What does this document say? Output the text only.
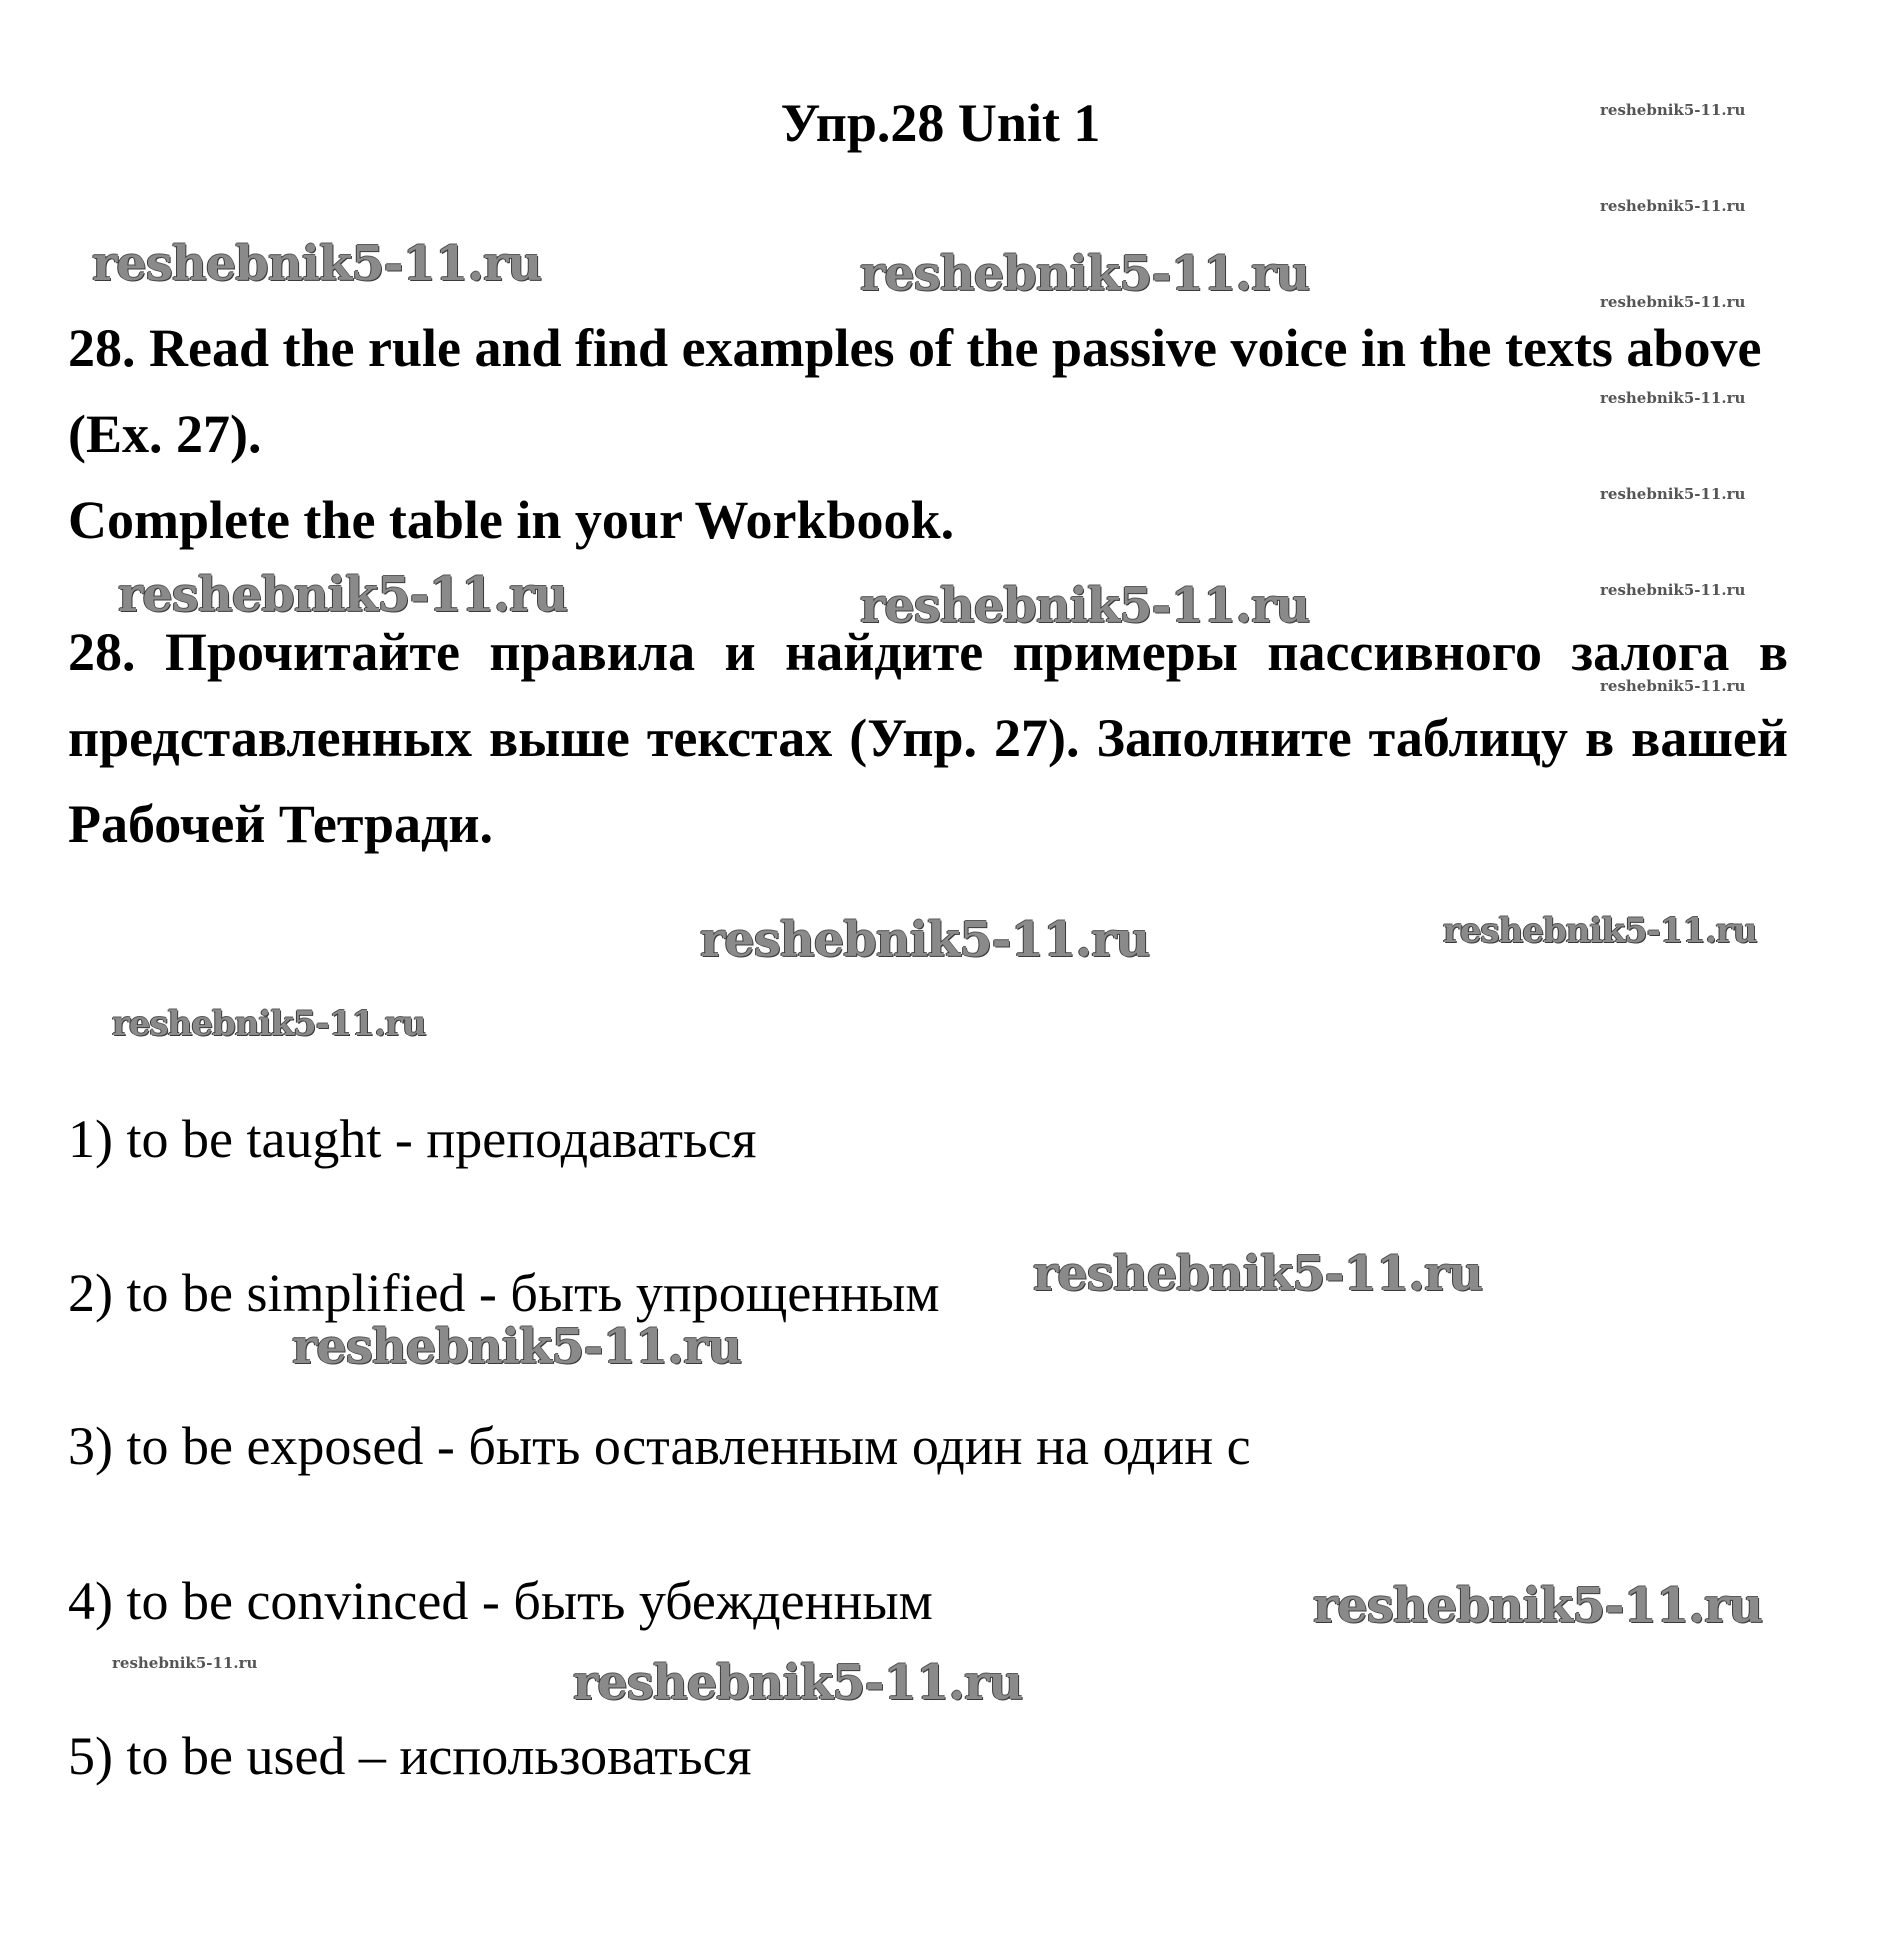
Упр.28 Unit 1

28. Read the rule and find examples of the passive voice in the texts above (Ex. 27).

Complete the table in your Workbook.

28. Прочитайте правила и найдите примеры пассивного залога в представленных выше текстах (Упр. 27). Заполните таблицу в вашей Рабочей Тетради.

1) to be taught - преподаваться
2) to be simplified - быть упрощенным
3) to be exposed - быть оставленным один на один с
4) to be convinced - быть убежденным
5) to be used – использоваться
reshebnik5-11.ru
reshebnik5-11.ru
reshebnik5-11.ru
reshebnik5-11.ru
reshebnik5-11.ru
reshebnik5-11.ru
reshebnik5-11.ru
reshebnik5-11.ru
reshebnik5-11.ru	reshebnik5-11.ru
reshebnik5-11.ru	reshebnik5-11.ru
reshebnik5-11.ru
reshebnik5-11.ru
reshebnik5-11.ru
reshebnik5-11.ru
reshebnik5-11.ru
reshebnik5-11.ru
reshebnik5-11.ru
